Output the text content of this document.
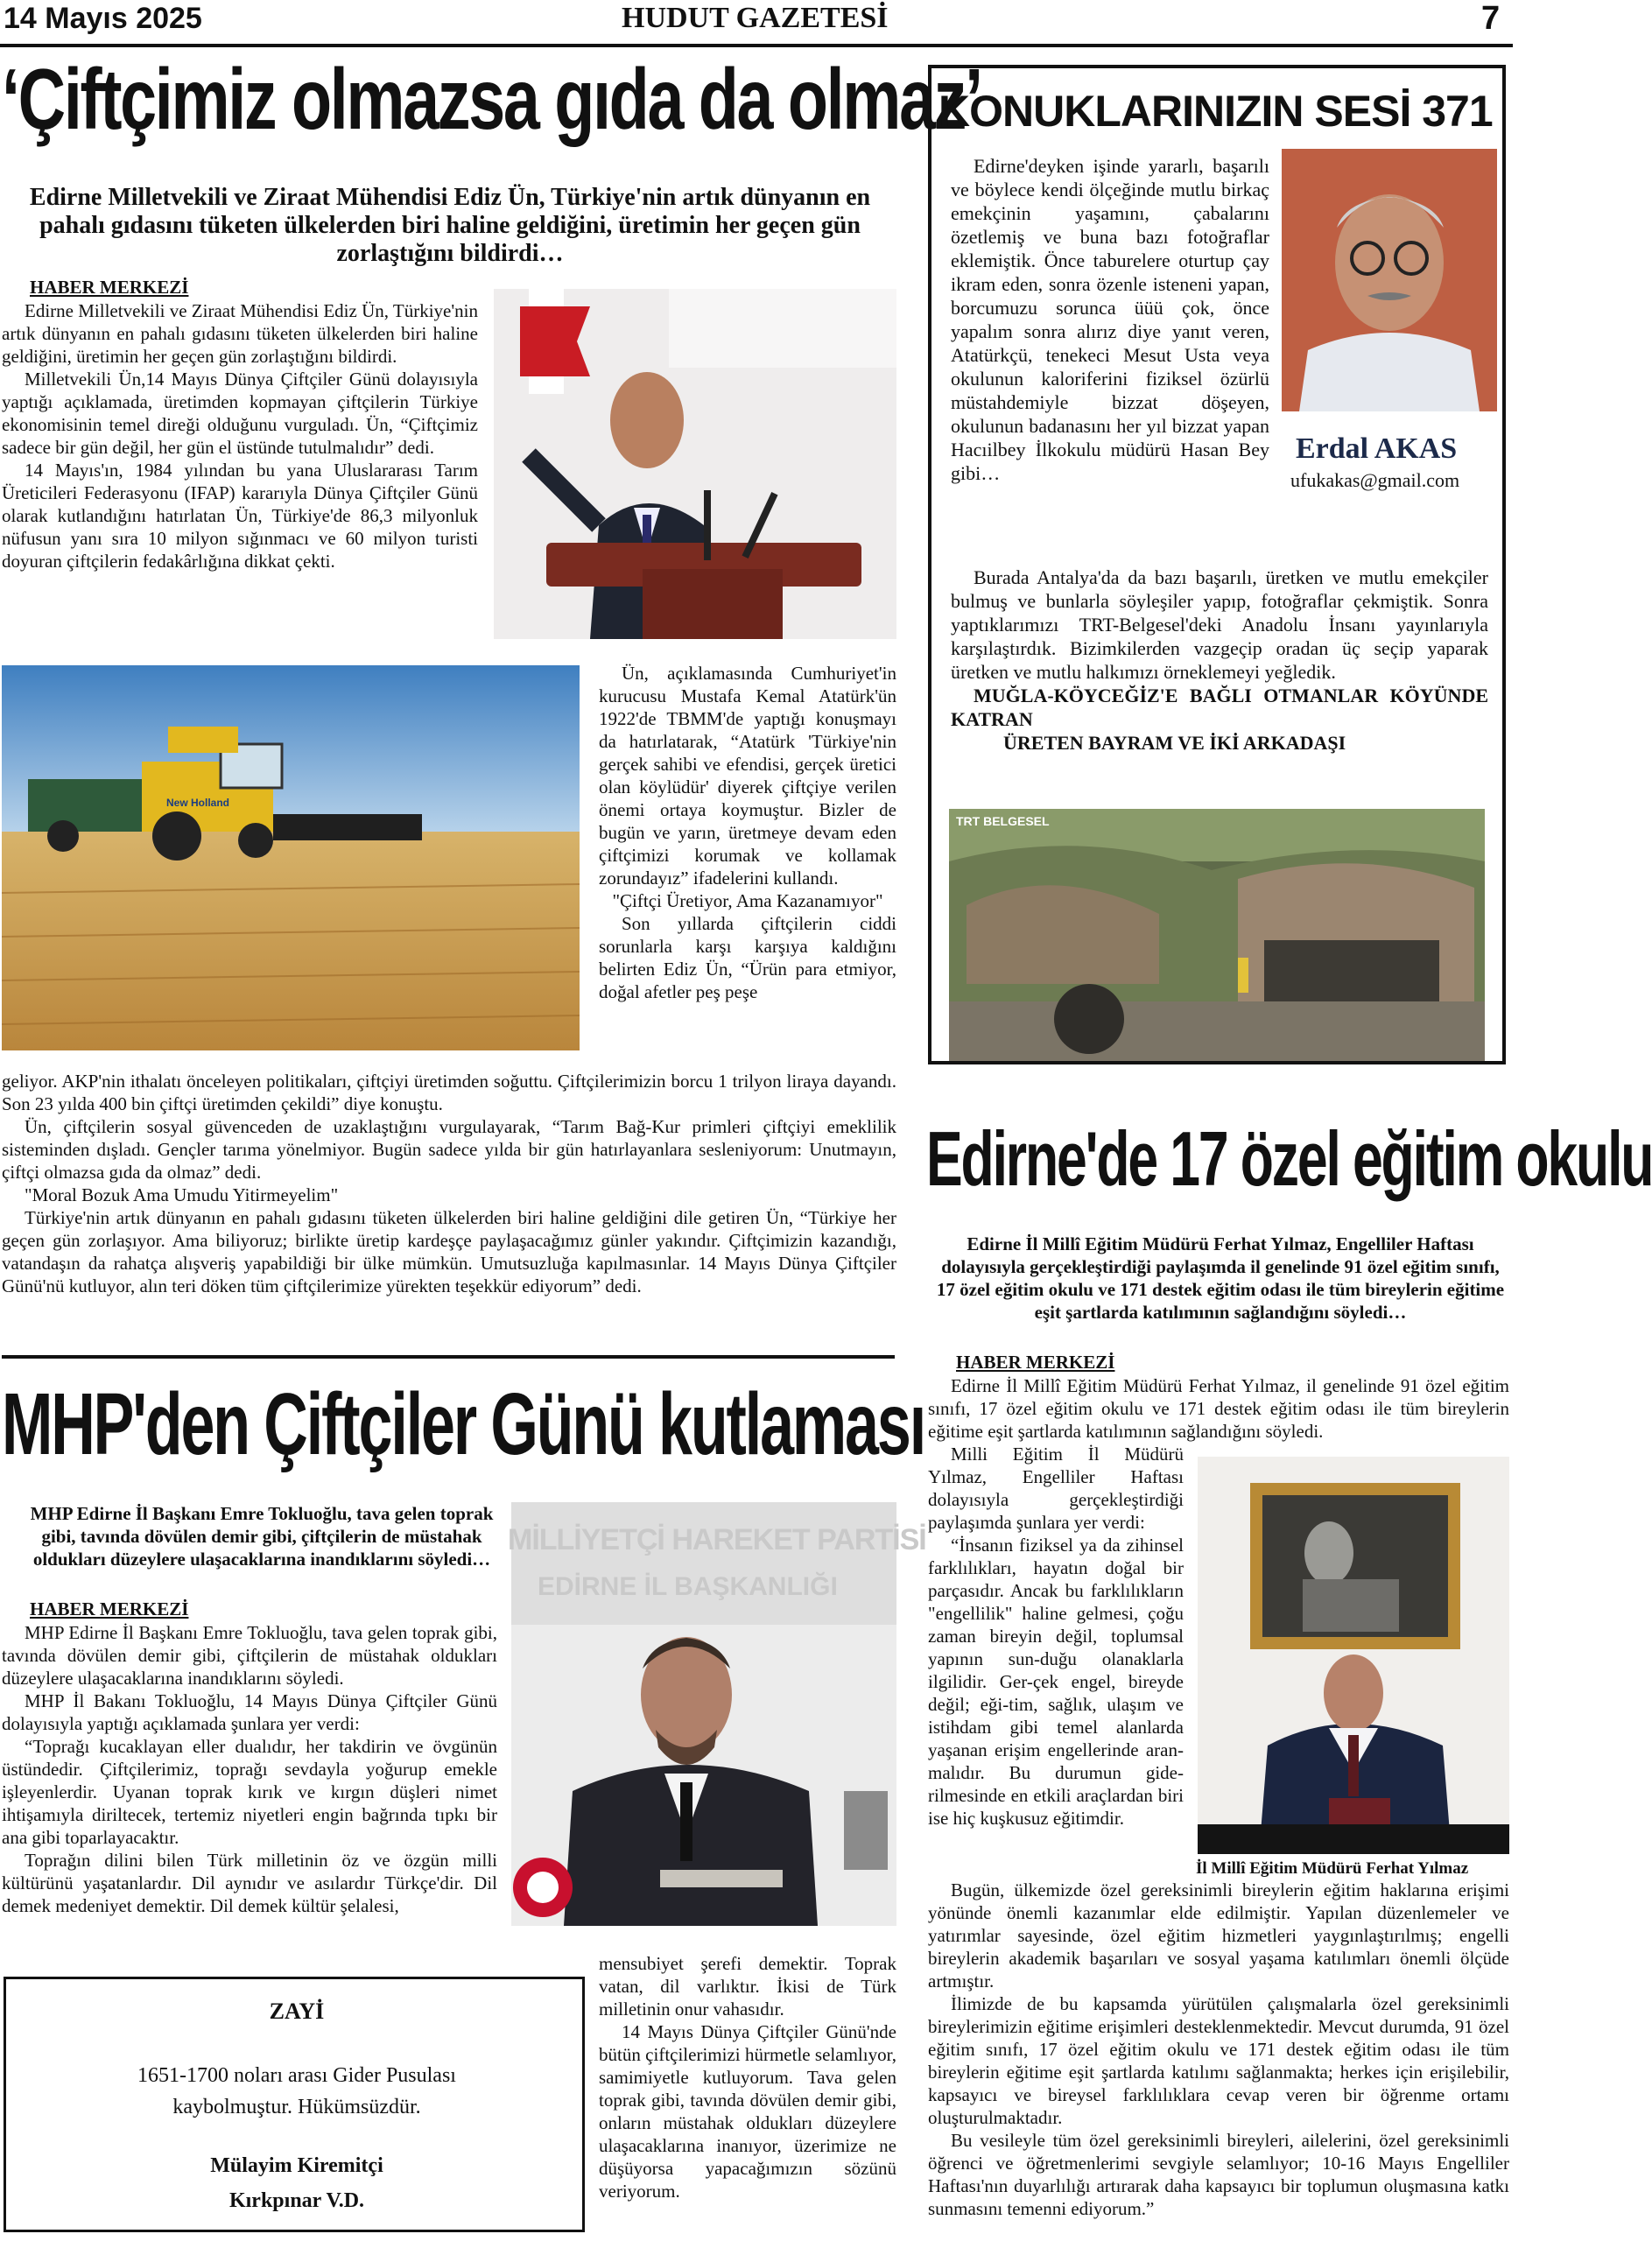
14 Mayıs 2025	HUDUT GAZETESİ	7
‘Çiftçimiz olmazsa gıda da olmaz’
Edirne Milletvekili ve Ziraat Mühendisi Ediz Ün, Türkiye'nin artık dünyanın en pahalı gıdasını tüketen ülkelerden biri haline geldiğini, üretimin her geçen gün zorlaştığını bildirdi…
HABER MERKEZİ

Edirne Milletvekili ve Ziraat Mühendisi Ediz Ün, Türkiye'nin artık dünyanın en pahalı gıdasını tüketen ülkelerden biri haline geldiğini, üretimin her geçen gün zorlaştığını bildirdi.

Milletvekili Ün,14 Mayıs Dünya Çiftçiler Günü dolayısıyla yaptığı açıklamada, üretimden kopmayan çiftçilerin Türkiye ekonomisinin temel direği olduğunu vurguladı. Ün, “Çiftçimiz sadece bir gün değil, her gün el üstünde tutulmalıdır” dedi.

14 Mayıs'ın, 1984 yılından bu yana Uluslararası Tarım Üreticileri Federasyonu (IFAP) kararıyla Dünya Çiftçiler Günü olarak kutlandığını hatırlatan Ün, Türkiye'de 86,3 milyonluk nüfusun yanı sıra 10 milyon sığınmacı ve 60 milyon turisti doyuran çiftçilerin fedakârlığına dikkat çekti.

New Holland

Ün, açıklamasında Cumhuriyet'in kurucusu Mustafa Kemal Atatürk'ün 1922'de TBMM'de yaptığı konuşmayı da hatırlatarak, “Atatürk 'Türkiye'nin gerçek sahibi ve efendisi, gerçek üretici olan köylüdür' diyerek çiftçiye verilen önemi ortaya koymuştur. Bizler de bugün ve yarın, üretmeye devam eden çiftçimizi korumak ve kollamak zorundayız” ifadelerini kullandı.

"Çiftçi Üretiyor, Ama Kazanamıyor"

Son yıllarda çiftçilerin ciddi sorunlarla karşı karşıya kaldığını belirten Ediz Ün, “Ürün para etmiyor, doğal afetler peş peşe

geliyor. AKP'nin ithalatı önceleyen politikaları, çiftçiyi üretimden soğuttu. Çiftçilerimizin borcu 1 trilyon liraya dayandı. Son 23 yılda 400 bin çiftçi üretimden çekildi” diye konuştu.

Ün, çiftçilerin sosyal güvenceden de uzaklaştığını vurgulayarak, “Tarım Bağ-Kur primleri çiftçiyi emeklilik sisteminden dışladı. Gençler tarıma yönelmiyor. Bugün sadece yılda bir gün hatırlayanlara sesleniyorum: Unutmayın, çiftçi olmazsa gıda da olmaz” dedi.

"Moral Bozuk Ama Umudu Yitirmeyelim"

Türkiye'nin artık dünyanın en pahalı gıdasını tüketen ülkelerden biri haline geldiğini dile getiren Ün, “Türkiye her geçen gün zorlaşıyor. Ama biliyoruz; birlikte üretip kardeşçe paylaşacağımız günler yakındır. Çiftçimizin kazandığı, vatandaşın da rahatça alışveriş yapabildiği bir ülke mümkün. Umutsuzluğa kapılmasınlar. 14 Mayıs Dünya Çiftçiler Günü'nü kutluyor, alın teri döken tüm çiftçilerimize yürekten teşekkür ediyorum” dedi.

KONUKLARINIZIN SESİ 371
Erdal AKAS
ufukakas@gmail.com

Edirne'deyken işinde yararlı, başarılı ve böylece kendi ölçeğinde mutlu birkaç emekçinin yaşamını, çabalarını özetlemiş ve buna bazı fotoğraflar eklemiştik. Önce taburelere oturtup çay ikram eden, sonra özenle isteneni yapan, borcumuzu sorunca üüü çok, önce yapalım sonra alırız diye yanıt veren, Atatürkçü, tenekeci Mesut Usta veya okulunun kaloriferini fiziksel özürlü müstahdemiyle bizzat döşeyen, okulunun badanasını her yıl bizzat yapan Hacıilbey İlkokulu müdürü Hasan Bey gibi…

Burada Antalya'da da bazı başarılı, üretken ve mutlu emekçiler bulmuş ve bunlarla söyleşiler yapıp, fotoğraflar çekmiştik. Sonra yaptıklarımızı TRT-Belgesel'deki Anadolu İnsanı yayınlarıyla karşılaştırdık. Bizimkilerden vazgeçip oradan üç seçip yaparak üretken ve mutlu halkımızı örneklemeyi yeğledik.

MUĞLA-KÖYCEĞİZ'E BAĞLI OTMANLAR KÖYÜNDE KATRAN

ÜRETEN BAYRAM VE İKİ ARKADAŞI

TRT BELGESEL
Edirne'de 17 özel eğitim okulu
Edirne İl Millî Eğitim Müdürü Ferhat Yılmaz, Engelliler Haftası dolayısıyla gerçekleştirdiği paylaşımda il genelinde 91 özel eğitim sınıfı, 17 özel eğitim okulu ve 171 destek eğitim odası ile tüm bireylerin eğitime eşit şartlarda katılımının sağlandığını söyledi…
HABER MERKEZİ

Edirne İl Millî Eğitim Müdürü Ferhat Yılmaz, il genelinde 91 özel eğitim sınıfı, 17 özel eğitim okulu ve 171 destek eğitim odası ile tüm bireylerin eğitime eşit şartlarda katılımının sağlandığını söyledi.

Milli Eğitim İl Müdürü Yılmaz, Engelliler Haftası dolayısıyla gerçekleştirdiği paylaşımda şunlara yer verdi:

“İnsanın fiziksel ya da zihinsel farklılıkları, hayatın doğal bir parçasıdır. Ancak bu farklılıkların "engellilik" haline gelmesi, çoğu zaman bireyin değil, toplumsal yapının sun-duğu olanaklarla ilgilidir. Ger-çek engel, bireyde değil; eği-tim, sağlık, ulaşım ve istihdam gibi temel alanlarda yaşanan erişim engellerinde aran-malıdır. Bu durumun gide-rilmesinde en etkili araçlardan biri ise hiç kuşkusuz eğitimdir.

İl Millî Eğitim Müdürü Ferhat Yılmaz

Bugün, ülkemizde özel gereksinimli bireylerin eğitim haklarına erişimi yönünde önemli kazanımlar elde edilmiştir. Yapılan düzenlemeler ve yatırımlar sayesinde, özel eğitim hizmetleri yaygınlaştırılmış; engelli bireylerin akademik başarıları ve sosyal yaşama katılımları önemli ölçüde artmıştır.

İlimizde de bu kapsamda yürütülen çalışmalarla özel gereksinimli bireylerimizin eğitime erişimleri desteklenmektedir. Mevcut durumda, 91 özel eğitim sınıfı, 17 özel eğitim okulu ve 171 destek eğitim odası ile tüm bireylerin eğitime eşit şartlarda katılımı sağlanmakta; herkes için erişilebilir, kapsayıcı ve bireysel farklılıklara cevap veren bir öğrenme ortamı oluşturulmaktadır.

Bu vesileyle tüm özel gereksinimli bireyleri, ailelerini, özel gereksinimli öğrenci ve öğretmenlerimi sevgiyle selamlıyor; 10-16 Mayıs Engelliler Haftası'nın duyarlılığı artırarak daha kapsayıcı bir toplumun oluşmasına katkı sunmasını temenni ediyorum.”

MHP'den Çiftçiler Günü kutlaması
MHP Edirne İl Başkanı Emre Tokluoğlu, tava gelen toprak gibi, tavında dövülen demir gibi, çiftçilerin de müstahak oldukları düzeylere ulaşacaklarına inandıklarını söyledi…
HABER MERKEZİ

MHP Edirne İl Başkanı Emre Tokluoğlu, tava gelen toprak gibi, tavında dövülen demir gibi, çiftçilerin de müstahak oldukları düzeylere ulaşacaklarına inandıklarını söyledi.

MHP İl Bakanı Tokluoğlu, 14 Mayıs Dünya Çiftçiler Günü dolayısıyla yaptığı açıklamada şunlara yer verdi:

“Toprağı kucaklayan eller dualıdır, her takdirin ve övgünün üstündedir. Çiftçilerimiz, toprağı sevdayla yoğurup emekle işleyenlerdir. Uyanan toprak kırık ve kırgın düşleri nimet ihtişamıyla diriltecek, tertemiz niyetleri engin bağrında tıpkı bir ana gibi toparlayacaktır.

Toprağın dilini bilen Türk milletinin öz ve özgün milli kültürünü yaşatanlardır. Dil aynıdır ve asılardır Türkçe'dir. Dil demek medeniyet demektir. Dil demek kültür şelalesi,

MİLLİYETÇİ HAREKET PARTİSİ
EDİRNE İL BAŞKANLIĞI

mensubiyet şerefi demektir. Toprak vatan, dil varlıktır. İkisi de Türk milletinin onur vahasıdır.

14 Mayıs Dünya Çiftçiler Günü'nde bütün çiftçilerimizi hürmetle selamlıyor, samimiyetle kutluyorum. Tava gelen toprak gibi, tavında dövülen demir gibi, onların müstahak oldukları düzeylere ulaşacaklarına inanıyor, üzerimize ne düşüyorsa yapacağımızın sözünü veriyorum.

ZAYİ
1651-1700 noları arası Gider Pusulası kaybolmuştur. Hükümsüzdür.
Mülayim Kiremitçi
Kırkpınar V.D.
